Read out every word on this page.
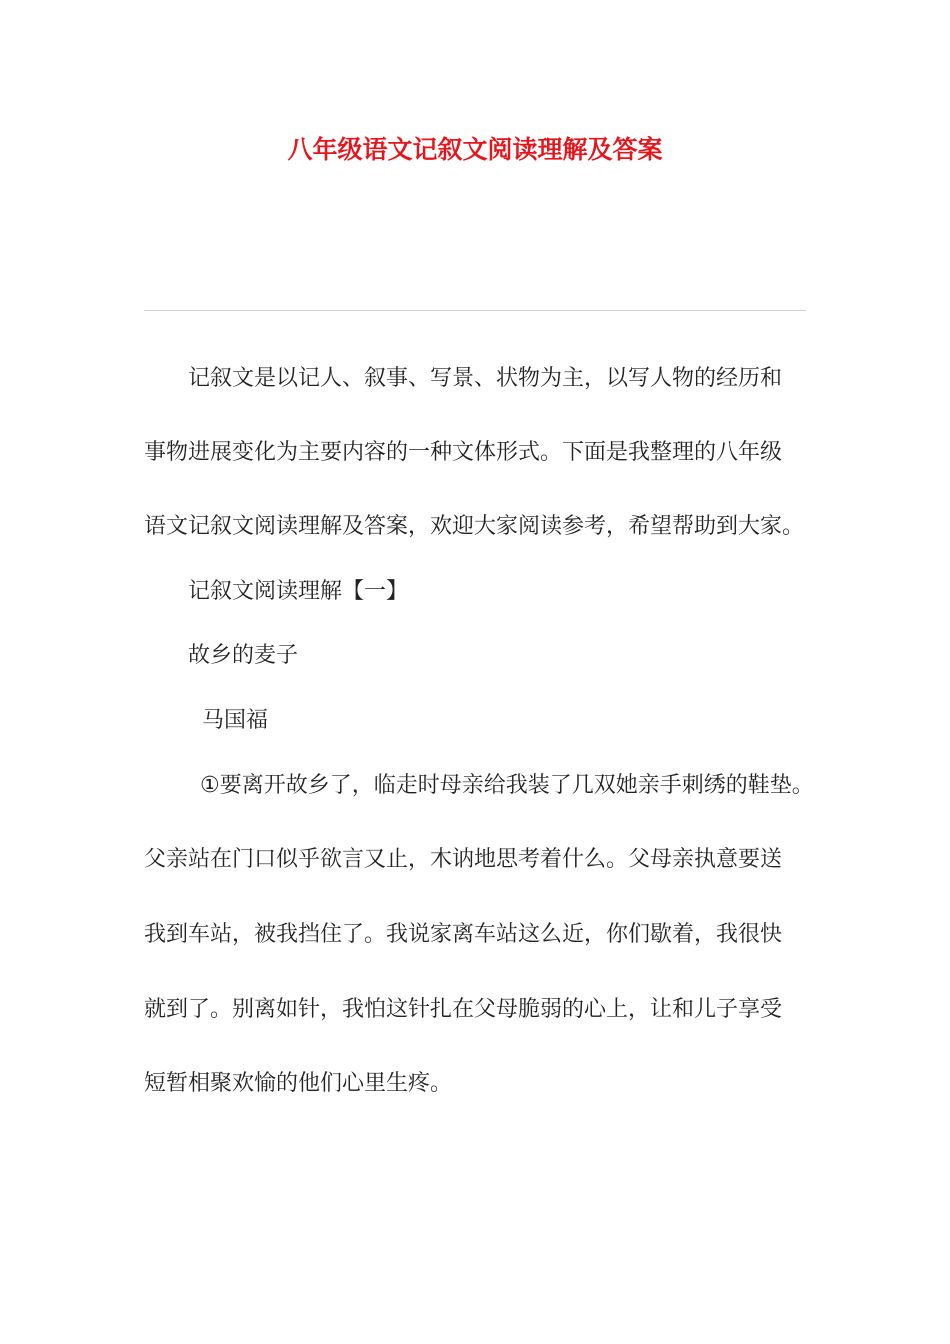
八年级语文记叙文阅读理解及答案
记叙文是以记人、叙事、写景、状物为主，以写人物的经历和
事物进展变化为主要内容的一种文体形式。下面是我整理的八年级
语文记叙文阅读理解及答案，欢迎大家阅读参考，希望帮助到大家。
记叙文阅读理解【一】
故乡的麦子
马国福
①要离开故乡了，临走时母亲给我装了几双她亲手刺绣的鞋垫。
父亲站在门口似乎欲言又止，木讷地思考着什么。父母亲执意要送
我到车站，被我挡住了。我说家离车站这么近，你们歇着，我很快
就到了。别离如针，我怕这针扎在父母脆弱的心上，让和儿子享受
短暂相聚欢愉的他们心里生疼。
